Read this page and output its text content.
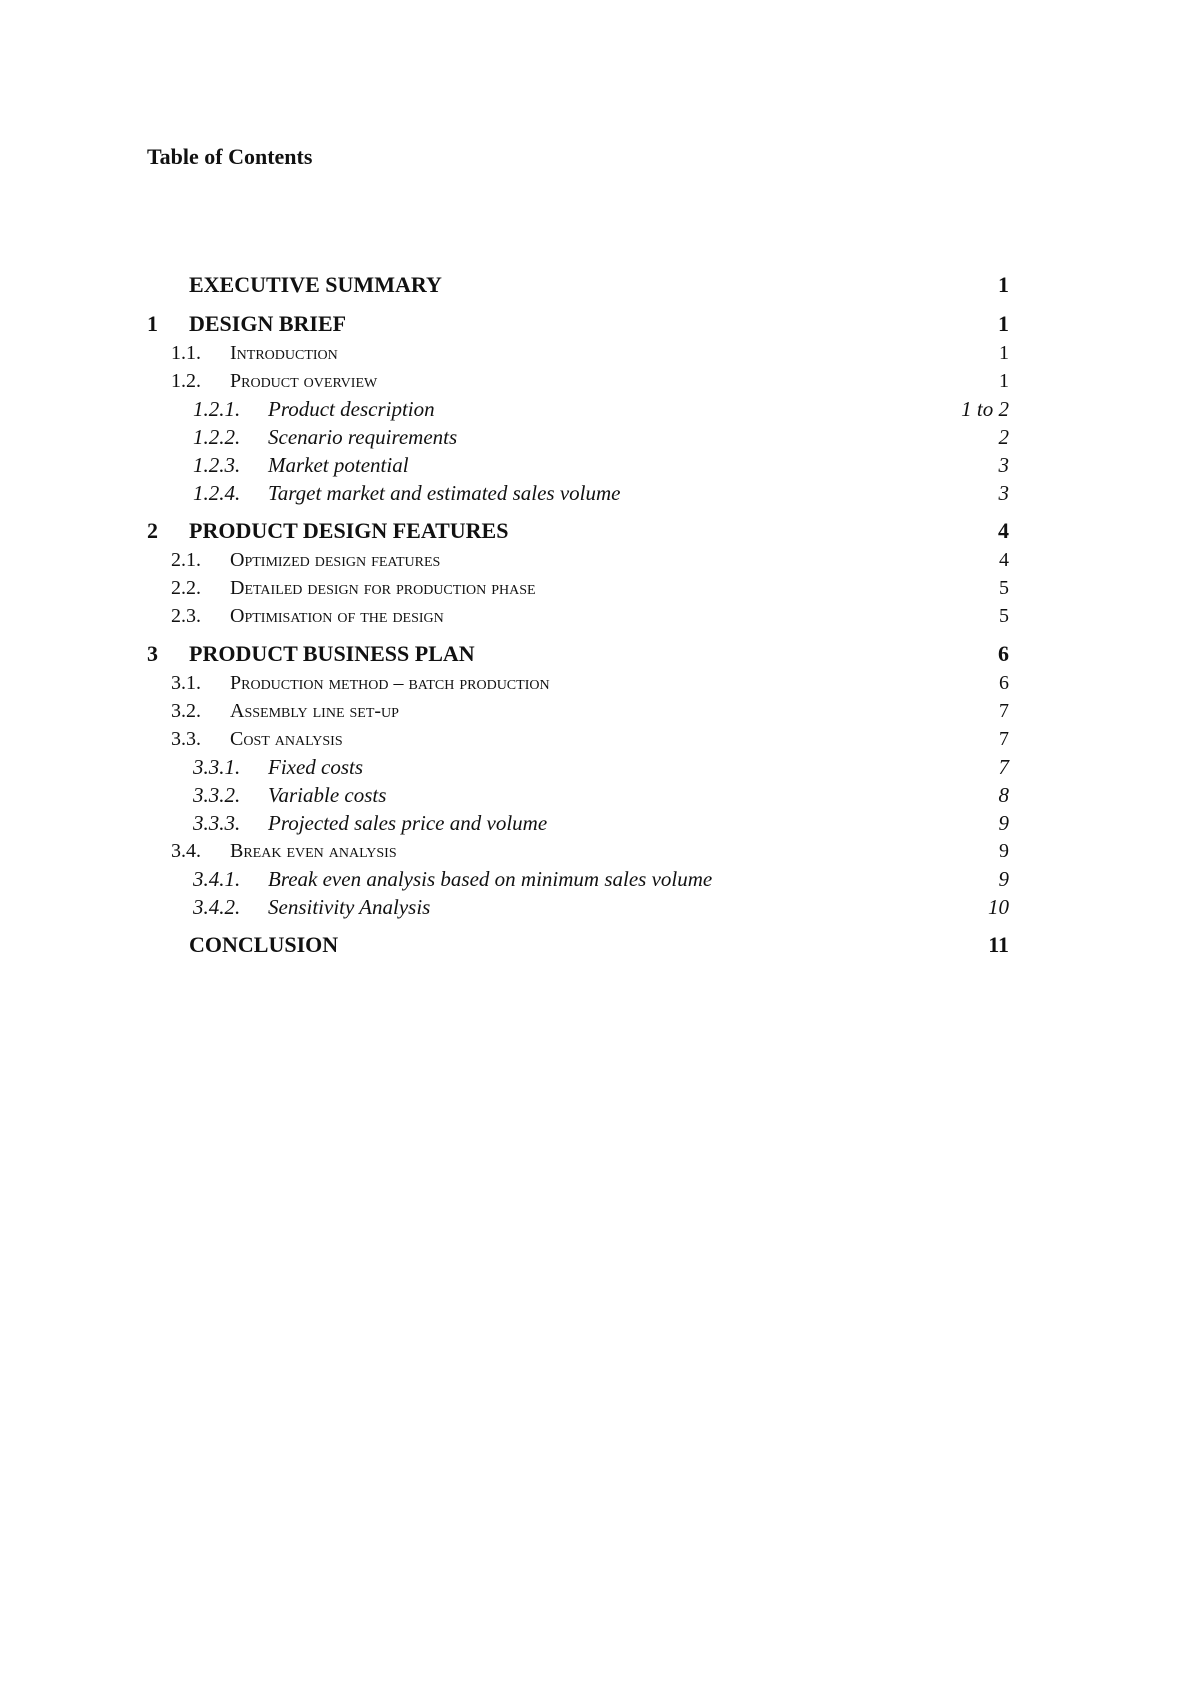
Table of Contents
EXECUTIVE SUMMARY	1
1 DESIGN BRIEF	1
1.1. Introduction	1
1.2. Product overview	1
1.2.1. Product description	1 to 2
1.2.2. Scenario requirements	2
1.2.3. Market potential	3
1.2.4. Target market and estimated sales volume	3
2 PRODUCT DESIGN FEATURES	4
2.1. Optimized design features	4
2.2. Detailed design for production phase	5
2.3. Optimisation of the design	5
3 PRODUCT BUSINESS PLAN	6
3.1. Production method – batch production	6
3.2. Assembly line set-up	7
3.3. Cost analysis	7
3.3.1. Fixed costs	7
3.3.2. Variable costs	8
3.3.3. Projected sales price and volume	9
3.4. Break even analysis	9
3.4.1. Break even analysis based on minimum sales volume	9
3.4.2. Sensitivity Analysis	10
CONCLUSION	11
